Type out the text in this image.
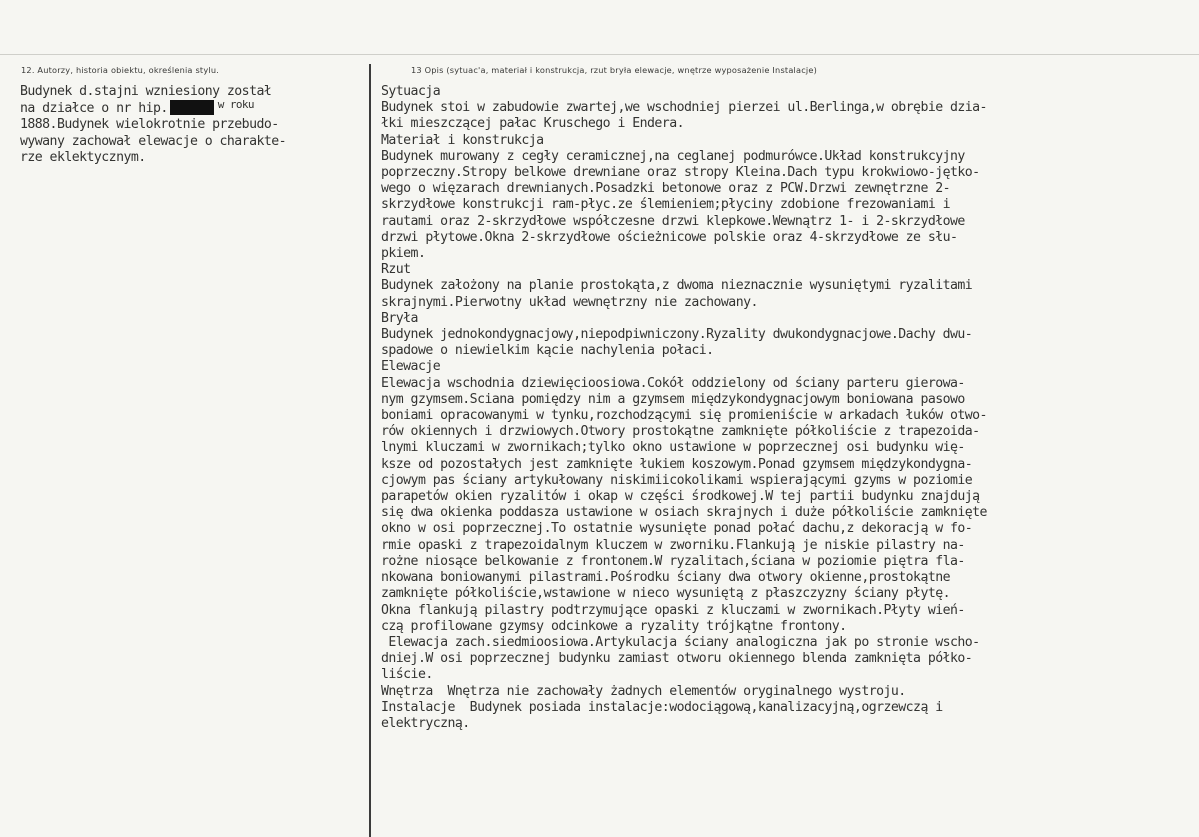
12. Autorzy, historia obiektu, określenia stylu.	13 Opis (sytuac'a, materiał i konstrukcja, rzut bryła elewacje, wnętrze wyposażenie Instalacje)
Budynek d.stajni wzniesiony został
na działce o nr hip.	w roku
1888.Budynek wielokrotnie przebudo-
wywany zachował elewacje o charakte-
rze eklektycznym.
Sytuacja
Budynek stoi w zabudowie zwartej,we wschodniej pierzei ul.Berlinga,w obrębie dzia-
łki mieszczącej pałac Kruschego i Endera.
Materiał i konstrukcja
Budynek murowany z cegły ceramicznej,na ceglanej podmurówce.Układ konstrukcyjny
poprzeczny.Stropy belkowe drewniane oraz stropy Kleina.Dach typu krokwiowo-jętko-
wego o więzarach drewnianych.Posadzki betonowe oraz z PCW.Drzwi zewnętrzne 2-
skrzydłowe konstrukcji ram-płyc.ze ślemieniem;płyciny zdobione frezowaniami i
rautami oraz 2-skrzydłowe współczesne drzwi klepkowe.Wewnątrz 1- i 2-skrzydłowe
drzwi płytowe.Okna 2-skrzydłowe ościeżnicowe polskie oraz 4-skrzydłowe ze słu-
pkiem.
Rzut
Budynek założony na planie prostokąta,z dwoma nieznacznie wysuniętymi ryzalitami
skrajnymi.Pierwotny układ wewnętrzny nie zachowany.
Bryła
Budynek jednokondygnacjowy,niepodpiwniczony.Ryzality dwukondygnacjowe.Dachy dwu-
spadowe o niewielkim kącie nachylenia połaci.
Elewacje
Elewacja wschodnia dziewięcioosiowa.Cokół oddzielony od ściany parteru gierowa-
nym gzymsem.Ściana pomiędzy nim a gzymsem międzykondygnacjowym boniowana pasowo
boniami opracowanymi w tynku,rozchodzącymi się promieniście w arkadach łuków otwo-
rów okiennych i drzwiowych.Otwory prostokątne zamknięte półkoliście z trapezoida-
lnymi kluczami w zwornikach;tylko okno ustawione w poprzecznej osi budynku wię-
ksze od pozostałych jest zamknięte łukiem koszowym.Ponad gzymsem międzykondygna-
cjowym pas ściany artykułowany niskimiicokolikami wspierającymi gzyms w poziomie
parapetów okien ryzalitów i okap w części środkowej.W tej partii budynku znajdują
się dwa okienka poddasza ustawione w osiach skrajnych i duże półkoliście zamknięte
okno w osi poprzecznej.To ostatnie wysunięte ponad połać dachu,z dekoracją w fo-
rmie opaski z trapezoidalnym kluczem w zworniku.Flankują je niskie pilastry na-
rożne niosące belkowanie z frontonem.W ryzalitach,ściana w poziomie piętra fla-
nkowana boniowanymi pilastrami.Pośrodku ściany dwa otwory okienne,prostokątne
zamknięte półkoliście,wstawione w nieco wysuniętą z płaszczyzny ściany płytę.
Okna flankują pilastry podtrzymujące opaski z kluczami w zwornikach.Płyty wień-
czą profilowane gzymsy odcinkowe a ryzality trójkątne frontony.
Elewacja zach.siedmioosiowa.Artykulacja ściany analogiczna jak po stronie wscho-
dniej.W osi poprzecznej budynku zamiast otworu okiennego blenda zamknięta półko-
liście.
Wnętrza  Wnętrza nie zachowały żadnych elementów oryginalnego wystroju.
Instalacje  Budynek posiada instalacje:wodociągową,kanalizacyjną,ogrzewczą i
elektryczną.
